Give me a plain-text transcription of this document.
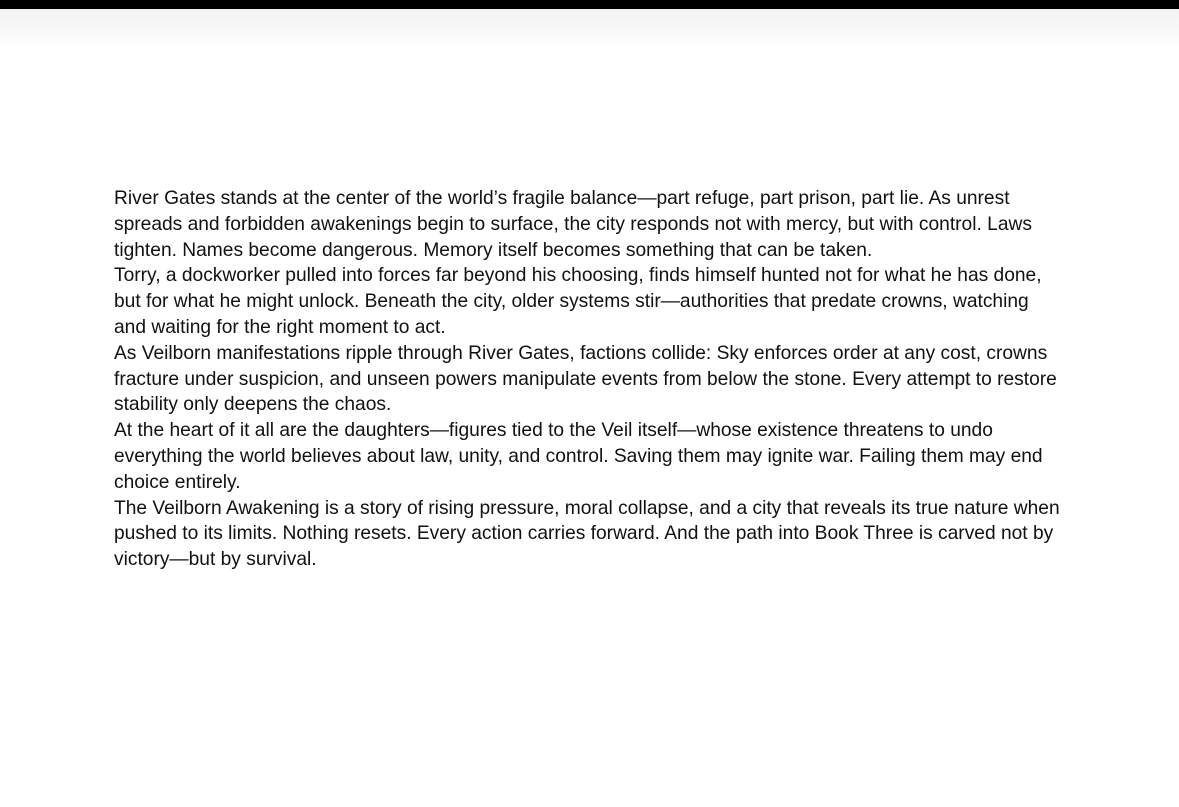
River Gates stands at the center of the world’s fragile balance—part refuge, part prison, part lie. As unrest spreads and forbidden awakenings begin to surface, the city responds not with mercy, but with control. Laws tighten. Names become dangerous. Memory itself becomes something that can be taken.

Torry, a dockworker pulled into forces far beyond his choosing, finds himself hunted not for what he has done, but for what he might unlock. Beneath the city, older systems stir—authorities that predate crowns, watching and waiting for the right moment to act.

As Veilborn manifestations ripple through River Gates, factions collide: Sky enforces order at any cost, crowns fracture under suspicion, and unseen powers manipulate events from below the stone. Every attempt to restore stability only deepens the chaos.

At the heart of it all are the daughters—figures tied to the Veil itself—whose existence threatens to undo everything the world believes about law, unity, and control. Saving them may ignite war. Failing them may end choice entirely.

The Veilborn Awakening is a story of rising pressure, moral collapse, and a city that reveals its true nature when pushed to its limits. Nothing resets. Every action carries forward. And the path into Book Three is carved not by victory—but by survival.
